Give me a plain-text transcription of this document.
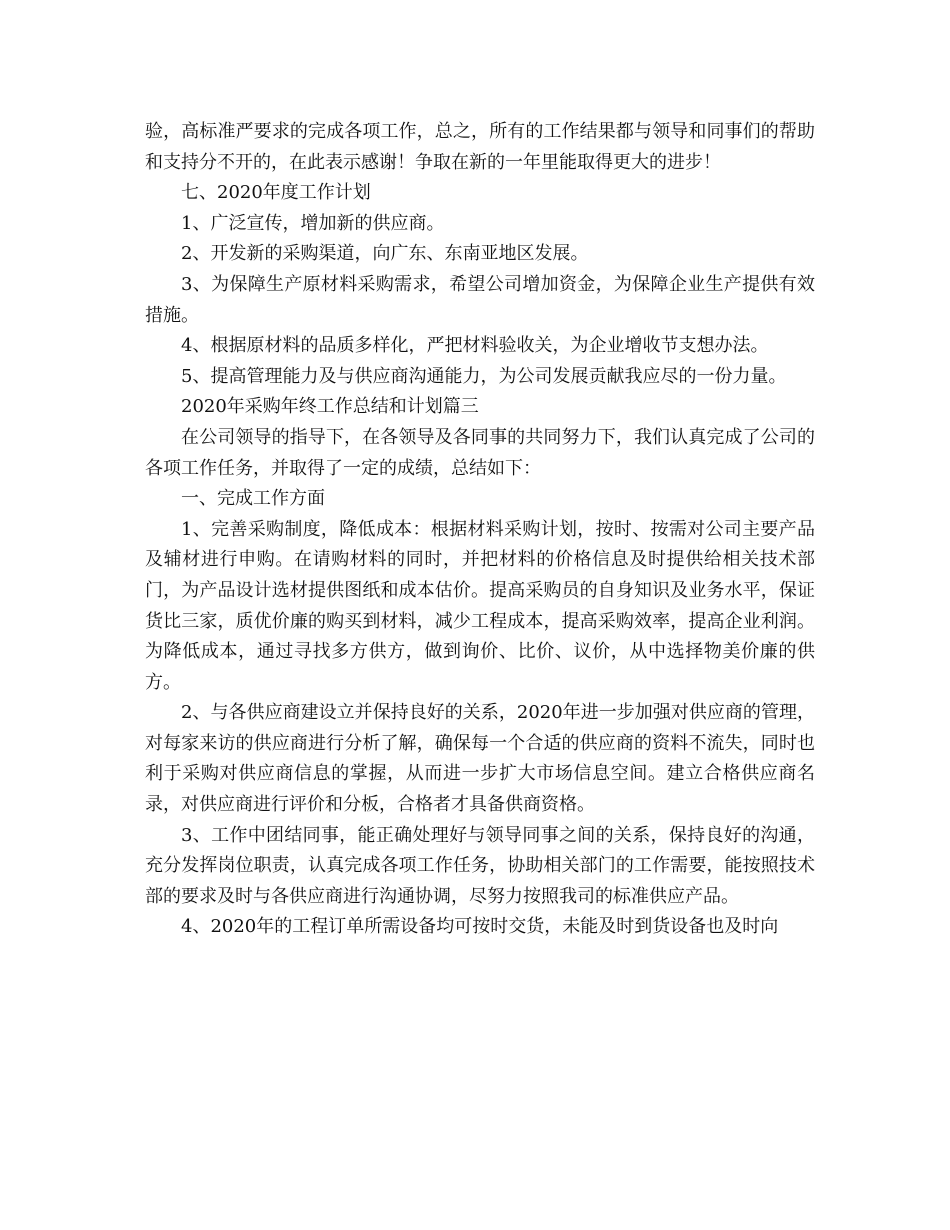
验，高标准严要求的完成各项工作，总之，所有的工作结果都与领导和同事们的帮助和支持分不开的，在此表示感谢！争取在新的一年里能取得更大的进步！

七、2020年度工作计划

1、广泛宣传，增加新的供应商。

2、开发新的采购渠道，向广东、东南亚地区发展。

3、为保障生产原材料采购需求，希望公司增加资金，为保障企业生产提供有效措施。

4、根据原材料的品质多样化，严把材料验收关，为企业增收节支想办法。

5、提高管理能力及与供应商沟通能力，为公司发展贡献我应尽的一份力量。

2020年采购年终工作总结和计划篇三

在公司领导的指导下，在各领导及各同事的共同努力下，我们认真完成了公司的各项工作任务，并取得了一定的成绩，总结如下：

一、完成工作方面

1、完善采购制度，降低成本：根据材料采购计划，按时、按需对公司主要产品及辅材进行申购。在请购材料的同时，并把材料的价格信息及时提供给相关技术部门，为产品设计选材提供图纸和成本估价。提高采购员的自身知识及业务水平，保证货比三家，质优价廉的购买到材料，减少工程成本，提高采购效率，提高企业利润。为降低成本，通过寻找多方供方，做到询价、比价、议价，从中选择物美价廉的供方。

2、与各供应商建设立并保持良好的关系，2020年进一步加强对供应商的管理，对每家来访的供应商进行分析了解，确保每一个合适的供应商的资料不流失，同时也利于采购对供应商信息的掌握，从而进一步扩大市场信息空间。建立合格供应商名录，对供应商进行评价和分板，合格者才具备供商资格。

3、工作中团结同事，能正确处理好与领导同事之间的关系，保持良好的沟通，充分发挥岗位职责，认真完成各项工作任务，协助相关部门的工作需要，能按照技术部的要求及时与各供应商进行沟通协调，尽努力按照我司的标准供应产品。

4、2020年的工程订单所需设备均可按时交货，未能及时到货设备也及时向
